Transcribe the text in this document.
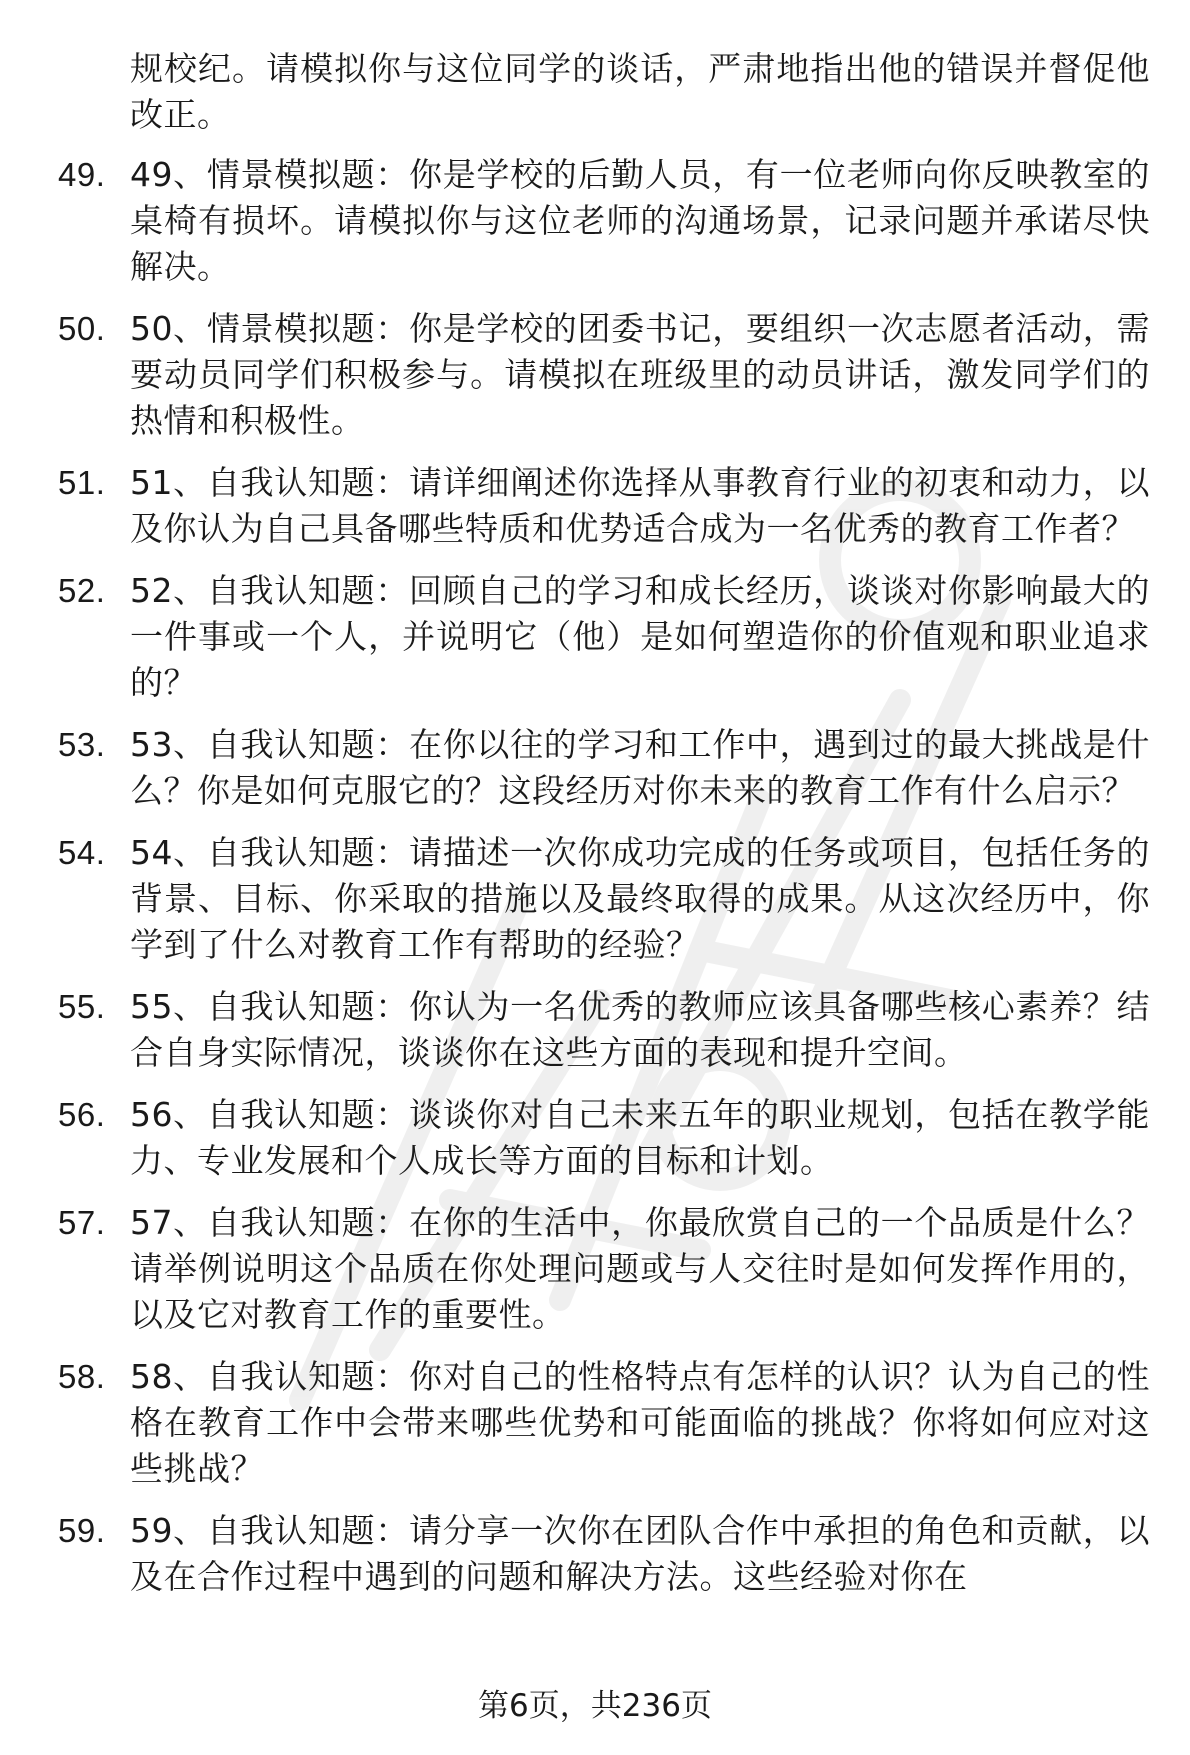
规校纪。请模拟你与这位同学的谈话，严肃地指出他的错误并督促他改正。
49. 49、情景模拟题：你是学校的后勤人员，有一位老师向你反映教室的桌椅有损坏。请模拟你与这位老师的沟通场景，记录问题并承诺尽快解决。
50. 50、情景模拟题：你是学校的团委书记，要组织一次志愿者活动，需要动员同学们积极参与。请模拟在班级里的动员讲话，激发同学们的热情和积极性。
51. 51、自我认知题：请详细阐述你选择从事教育行业的初衷和动力，以及你认为自己具备哪些特质和优势适合成为一名优秀的教育工作者？
52. 52、自我认知题：回顾自己的学习和成长经历，谈谈对你影响最大的一件事或一个人，并说明它（他）是如何塑造你的价值观和职业追求的？
53. 53、自我认知题：在你以往的学习和工作中，遇到过的最大挑战是什么？你是如何克服它的？这段经历对你未来的教育工作有什么启示？
54. 54、自我认知题：请描述一次你成功完成的任务或项目，包括任务的背景、目标、你采取的措施以及最终取得的成果。从这次经历中，你学到了什么对教育工作有帮助的经验？
55. 55、自我认知题：你认为一名优秀的教师应该具备哪些核心素养？结合自身实际情况，谈谈你在这些方面的表现和提升空间。
56. 56、自我认知题：谈谈你对自己未来五年的职业规划，包括在教学能力、专业发展和个人成长等方面的目标和计划。
57. 57、自我认知题：在你的生活中，你最欣赏自己的一个品质是什么？请举例说明这个品质在你处理问题或与人交往时是如何发挥作用的，以及它对教育工作的重要性。
58. 58、自我认知题：你对自己的性格特点有怎样的认识？认为自己的性格在教育工作中会带来哪些优势和可能面临的挑战？你将如何应对这些挑战？
59. 59、自我认知题：请分享一次你在团队合作中承担的角色和贡献，以及在合作过程中遇到的问题和解决方法。这些经验对你在
第6页，共236页
